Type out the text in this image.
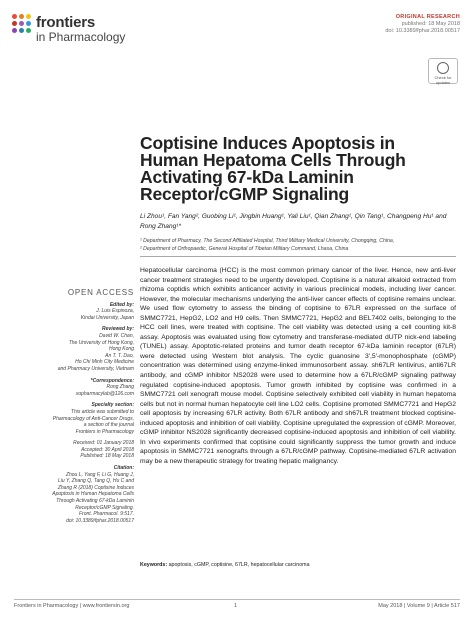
frontiers
in Pharmacology
ORIGINAL RESEARCH
published: 18 May 2018
doi: 10.3389/fphar.2018.00517
Check for updates
Coptisine Induces Apoptosis in Human Hepatoma Cells Through Activating 67-kDa Laminin Receptor/cGMP Signaling
Li Zhou¹, Fan Yang², Guobing Li¹, Jingbin Huang¹, Yali Liu¹, Qian Zhang¹, Qin Tang¹, Changpeng Hu¹ and Rong Zhang¹*
¹ Department of Pharmacy, The Second Affiliated Hospital, Third Military Medical University, Chongqing, China,
² Department of Orthopaedic, General Hospital of Tibetan Military Command, Lhasa, China
Hepatocellular carcinoma (HCC) is the most common primary cancer of the liver. Hence, new anti-liver cancer treatment strategies need to be urgently developed. Coptisine is a natural alkaloid extracted from rhizoma coptidis which exhibits anticancer activity in various preclinical models, including liver cancer. However, the molecular mechanisms underlying the anti-liver cancer effects of coptisine remains unclear. We used flow cytometry to assess the binding of coptisine to 67LR expressed on the surface of SMMC7721, HepG2, LO2 and H9 cells. Then SMMC7721, HepG2 and BEL7402 cells, belonging to the HCC cell lines, were treated with coptisine. The cell viability was detected using a cell counting kit-8 assay. Apoptosis was evaluated using flow cytometry and transferase-mediated dUTP nick-end labeling (TUNEL) assay. Apoptotic-related proteins and tumor death receptor 67-kDa laminin receptor (67LR) were detected using Western blot analysis. The cyclic guanosine 3′,5′-monophosphate (cGMP) concentration was determined using enzyme-linked immunosorbent assay. sh67LR lentivirus, anti67LR antibody, and cGMP inhibitor NS2028 were used to determine how a 67LR/cGMP signaling pathway regulated coptisine-induced apoptosis. Tumor growth inhibited by coptisine was confirmed in a SMMC7721 cell xenograft mouse model. Coptisine selectively exhibited cell viability in human hepatoma cells but not in normal human hepatocyte cell line LO2 cells. Coptisine promoted SMMC7721 and HepG2 cell apoptosis by increasing 67LR activity. Both 67LR antibody and sh67LR treatment blocked coptisine-induced apoptosis and inhibition of cell viability. Coptisine upregulated the expression of cGMP. Moreover, cGMP inhibitor NS2028 significantly decreased coptisine-induced apoptosis and inhibition of cell viability. In vivo experiments confirmed that coptisine could significantly suppress the tumor growth and induce apoptosis in SMMC7721 xenografts through a 67LR/cGMP pathway. Coptisine-mediated 67LR activation may be a new therapeutic strategy for treating hepatic malignancy.
Keywords: apoptosis, cGMP, coptisine, 67LR, hepatocellular carcinoma
OPEN ACCESS
Edited by:
J. Luis Espinoza,
Kindai University, Japan
Reviewed by:
David W. Chan,
The University of Hong Kong,
Hong Kong
An T. T. Dao,
Ho Chi Minh City Medicine
and Pharmacy University, Vietnam
*Correspondence:
Rong Zhang
xopharmacylab@126.com
Specialty section:
This article was submitted to
Pharmacology of Anti-Cancer Drugs,
a section of the journal
Frontiers in Pharmacology
Received: 01 January 2018
Accepted: 30 April 2018
Published: 18 May 2018
Citation:
Zhou L, Yang F, Li G, Huang J,
Liu Y, Zhang Q, Tang Q, Hu C and
Zhang R (2018) Coptisine Induces
Apoptosis in Human Hepatoma Cells
Through Activating 67-kDa Laminin
Receptor/cGMP Signaling.
Front. Pharmacol. 9:517.
doi: 10.3389/fphar.2018.00517
Frontiers in Pharmacology | www.frontiersin.org	1	May 2018 | Volume 9 | Article 517
